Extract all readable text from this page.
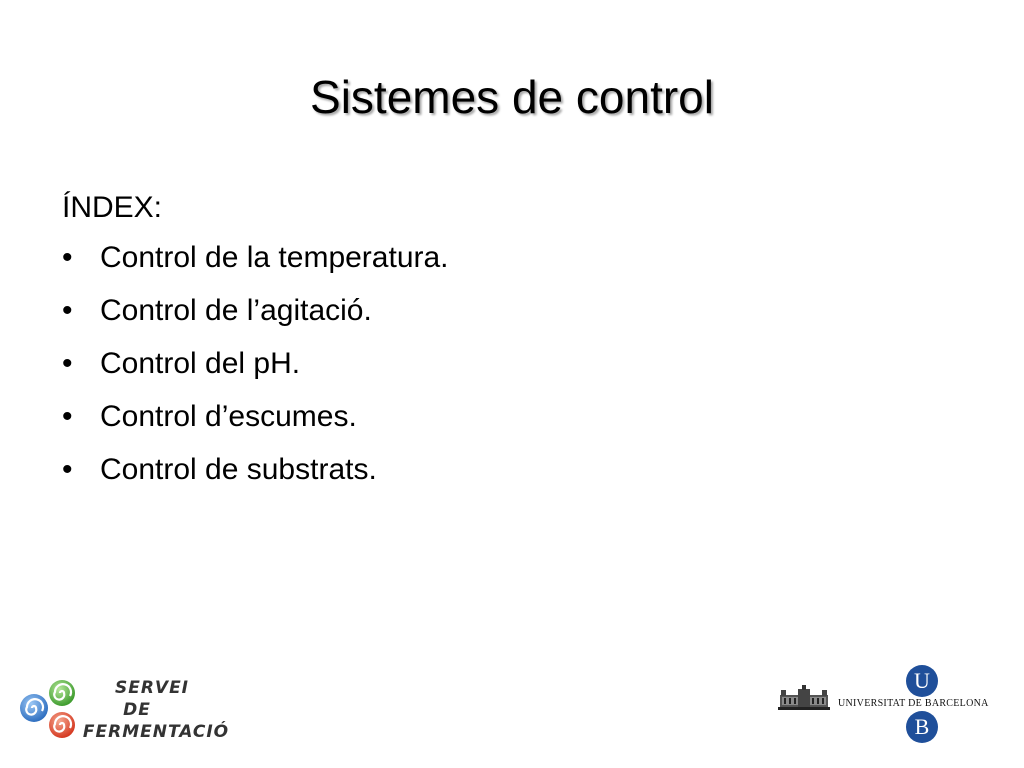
Sistemes de control
ÍNDEX:
• Control de la temperatura.
• Control de l’agitació.
• Control del pH.
• Control d’escumes.
• Control de substrats.
SERVEI
DE
FERMENTACIÓ
U
UNIVERSITAT DE BARCELONA
B
